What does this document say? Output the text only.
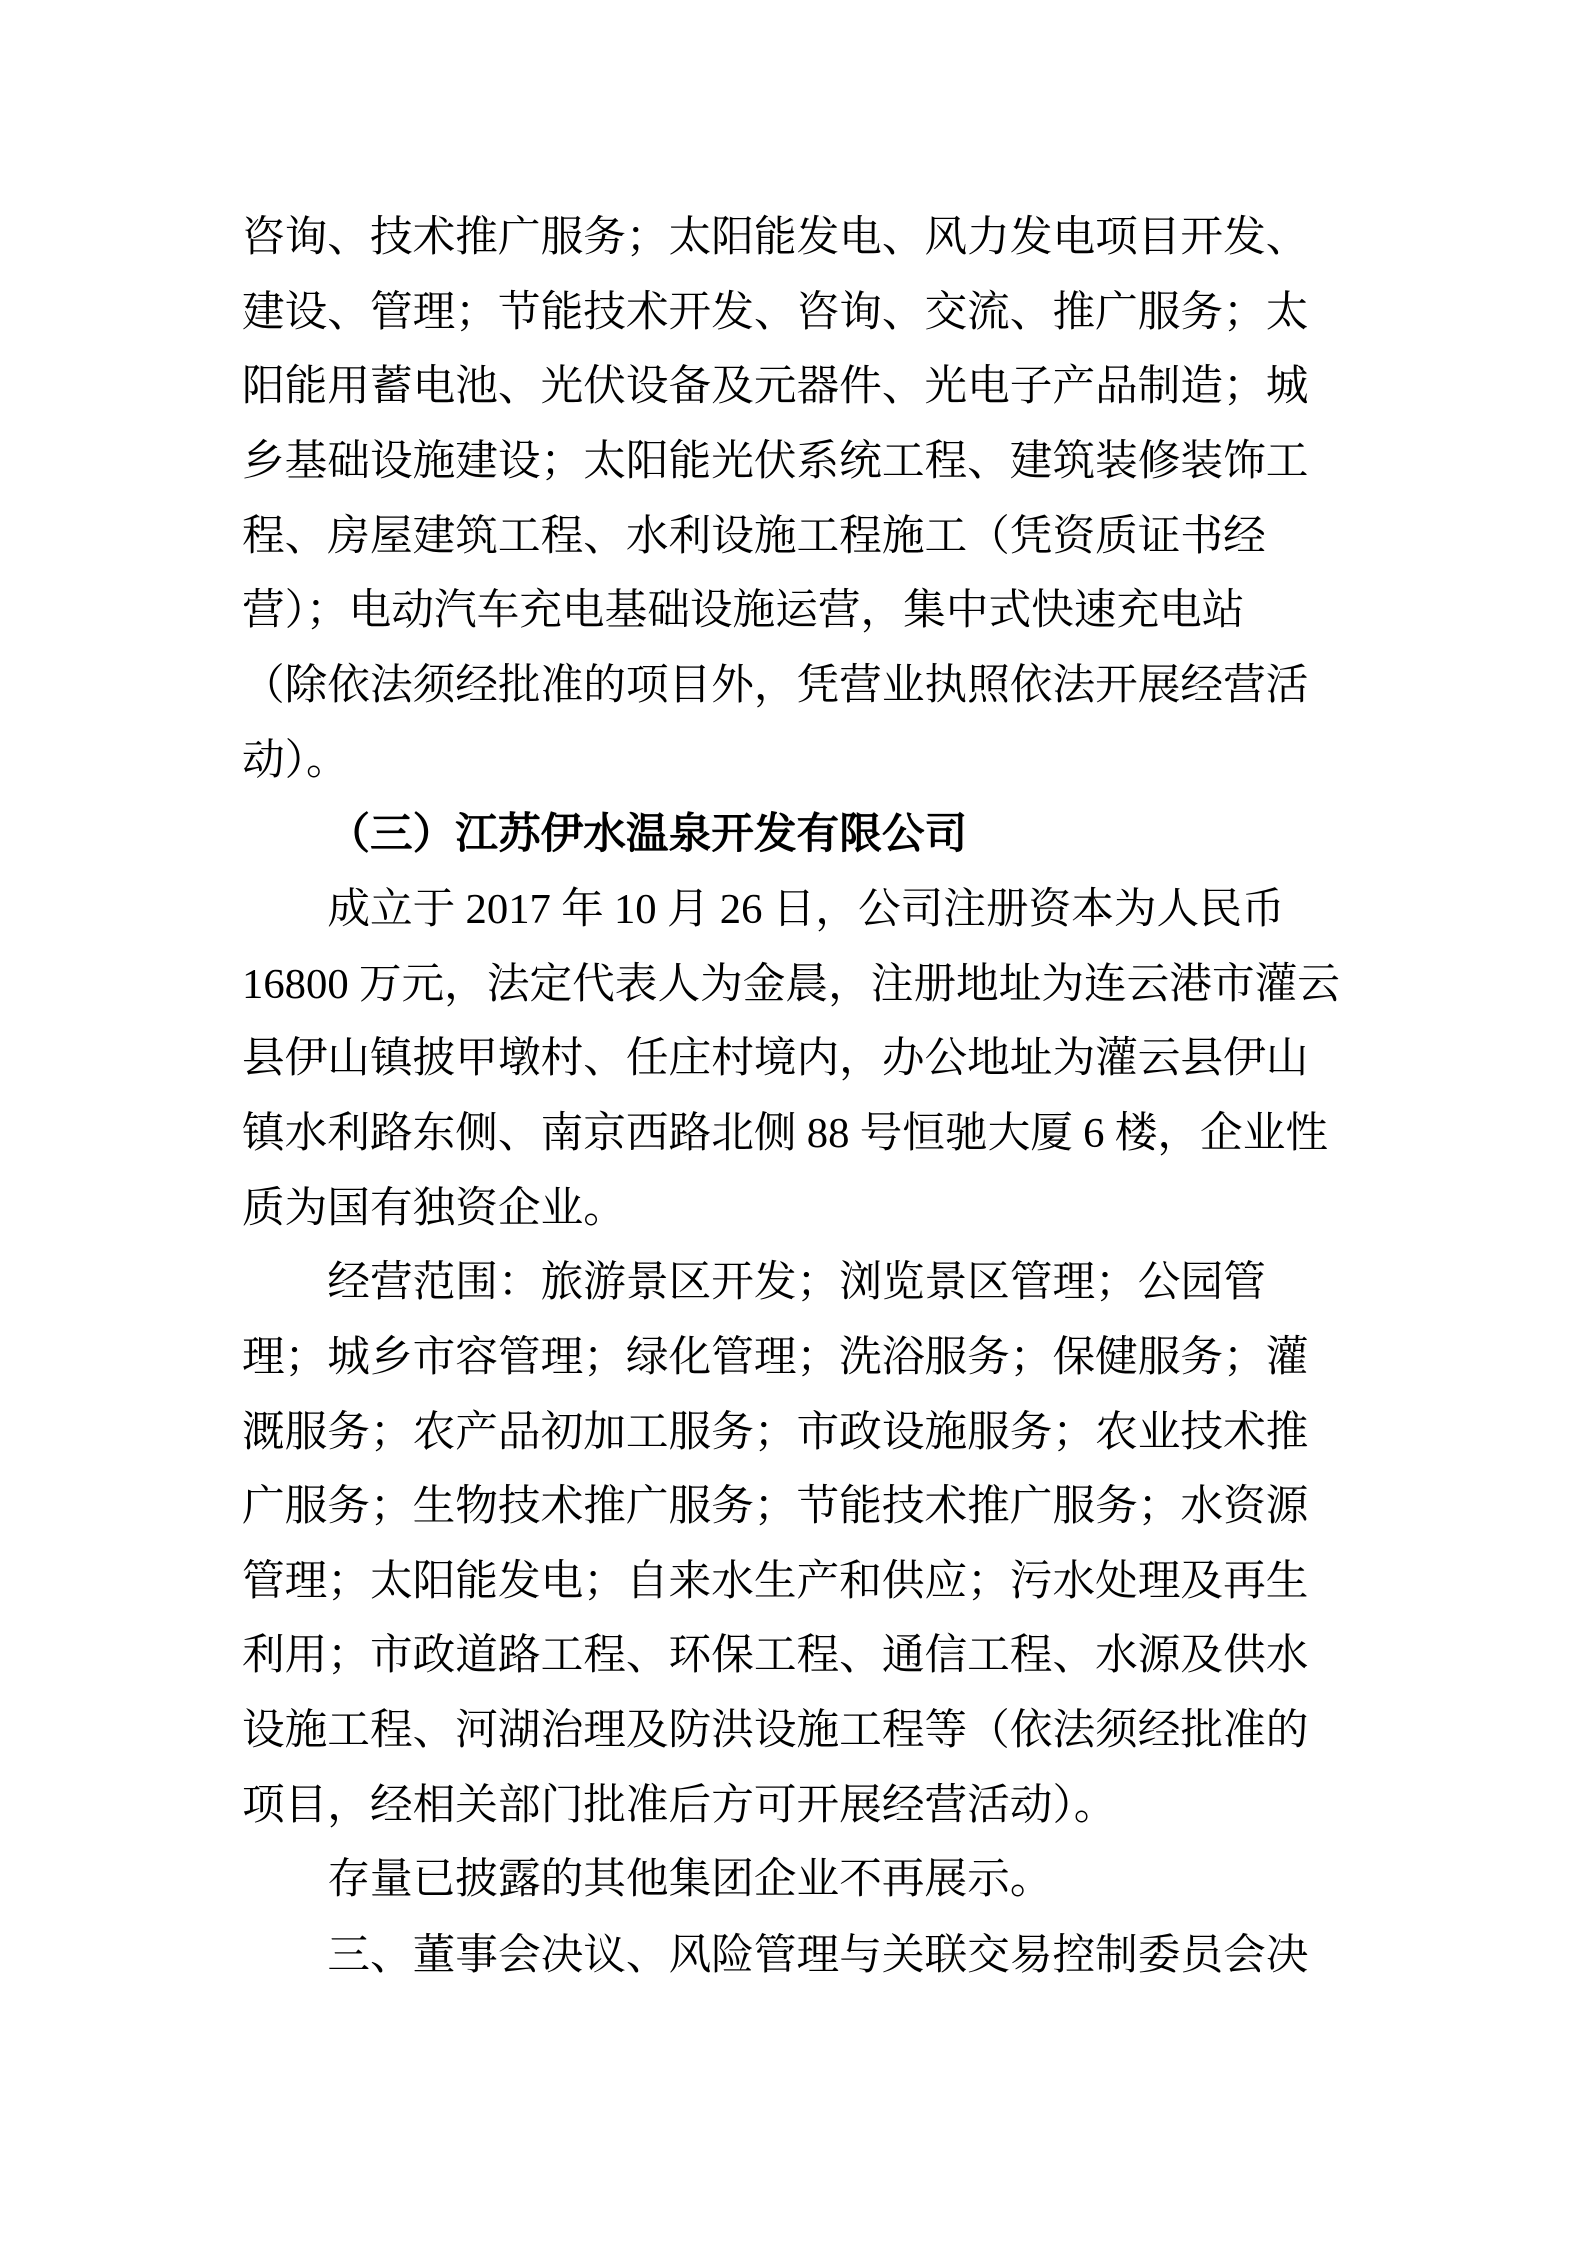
咨询、技术推广服务；太阳能发电、风力发电项目开发、
建设、管理；节能技术开发、咨询、交流、推广服务；太
阳能用蓄电池、光伏设备及元器件、光电子产品制造；城
乡基础设施建设；太阳能光伏系统工程、建筑装修装饰工
程、房屋建筑工程、水利设施工程施工（凭资质证书经
营）；电动汽车充电基础设施运营，集中式快速充电站
（除依法须经批准的项目外，凭营业执照依法开展经营活
动）。
（三）江苏伊水温泉开发有限公司
成立于 2017 年 10 月 26 日，公司注册资本为人民币
16800 万元，法定代表人为金晨，注册地址为连云港市灌云
县伊山镇披甲墩村、任庄村境内，办公地址为灌云县伊山
镇水利路东侧、南京西路北侧 88 号恒驰大厦 6 楼，企业性
质为国有独资企业。
经营范围：旅游景区开发；浏览景区管理；公园管
理；城乡市容管理；绿化管理；洗浴服务；保健服务；灌
溉服务；农产品初加工服务；市政设施服务；农业技术推
广服务；生物技术推广服务；节能技术推广服务；水资源
管理；太阳能发电；自来水生产和供应；污水处理及再生
利用；市政道路工程、环保工程、通信工程、水源及供水
设施工程、河湖治理及防洪设施工程等（依法须经批准的
项目，经相关部门批准后方可开展经营活动）。
存量已披露的其他集团企业不再展示。
三、董事会决议、风险管理与关联交易控制委员会决
